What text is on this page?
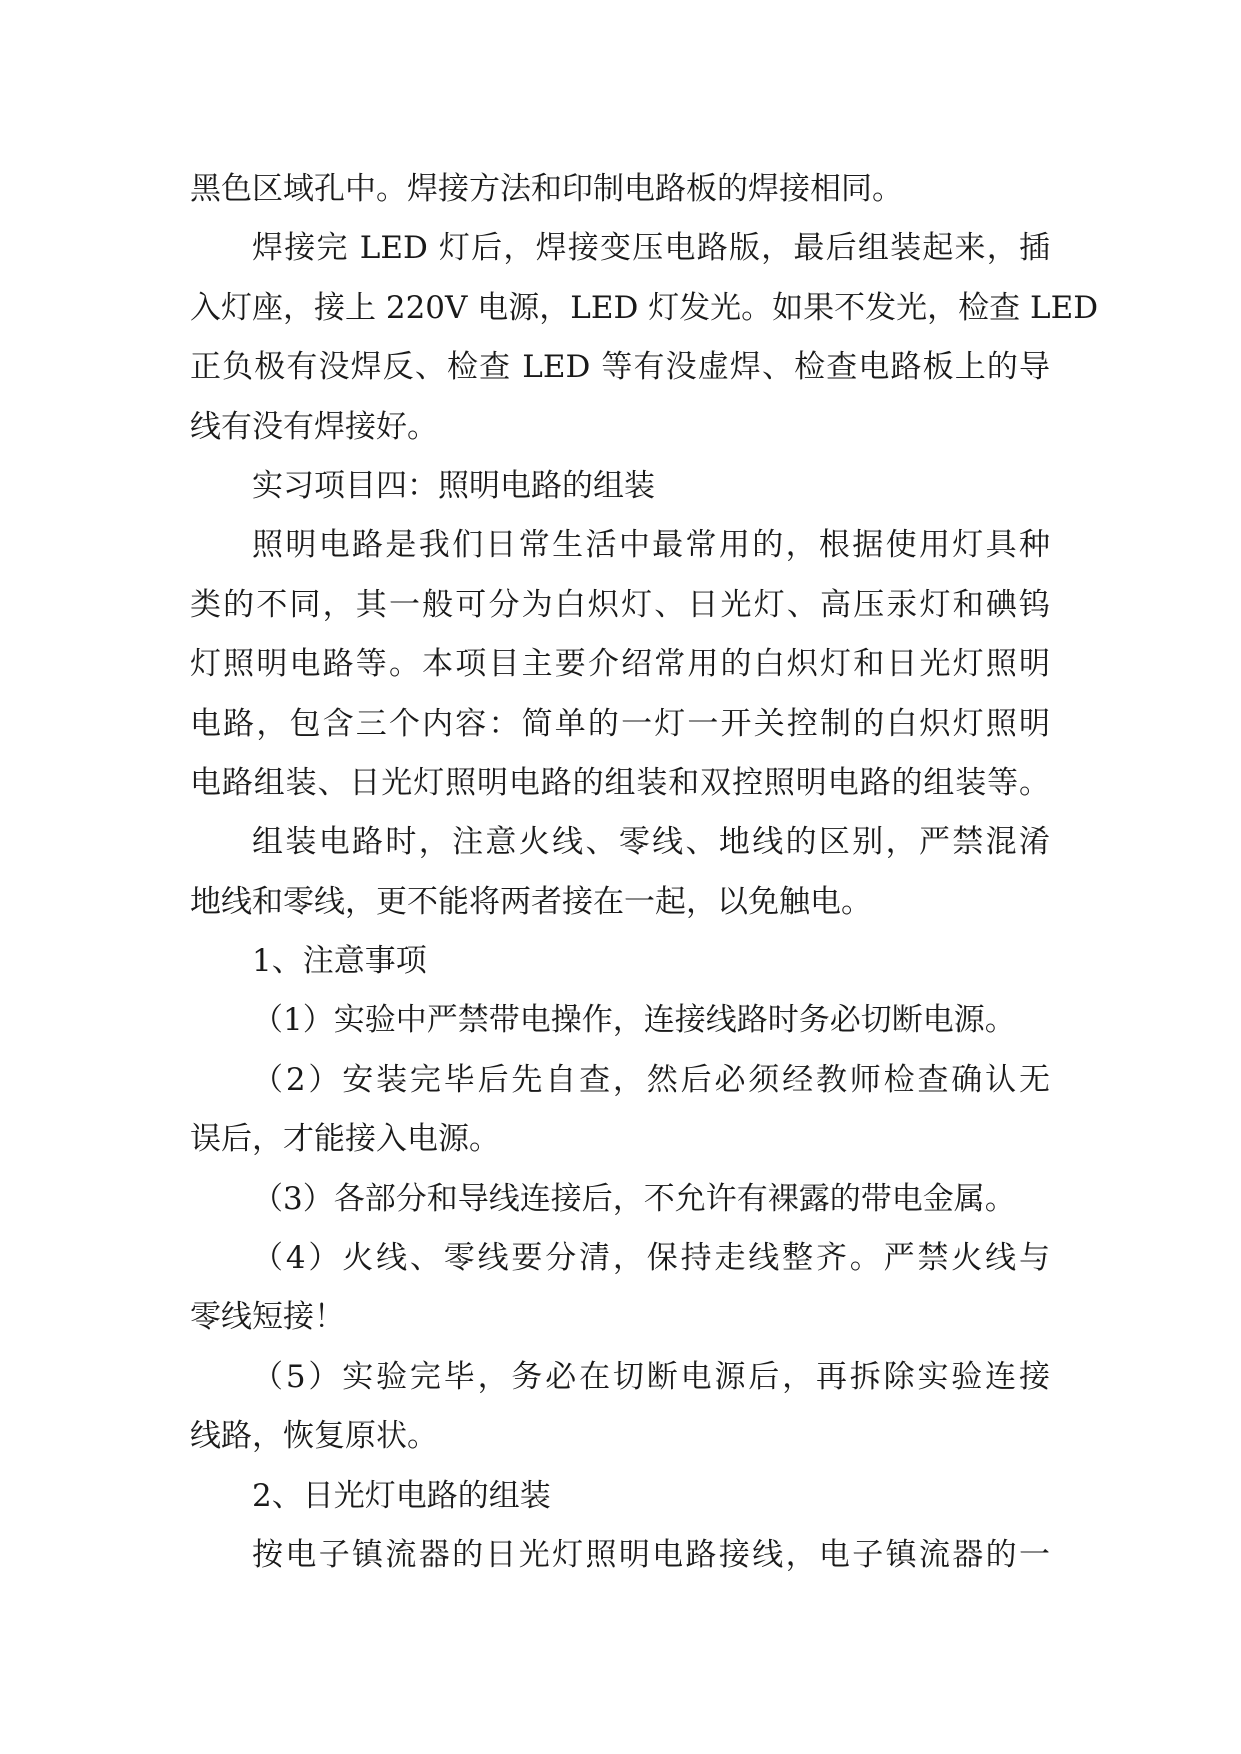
黑色区域孔中。焊接方法和印制电路板的焊接相同。
焊接完 LED 灯后，焊接变压电路版，最后组装起来，插
入灯座，接上 220V 电源，LED 灯发光。如果不发光，检查 LED
正负极有没焊反、检查 LED 等有没虚焊、检查电路板上的导
线有没有焊接好。
实习项目四：照明电路的组装
照明电路是我们日常生活中最常用的，根据使用灯具种
类的不同，其一般可分为白炽灯、日光灯、高压汞灯和碘钨
灯照明电路等。本项目主要介绍常用的白炽灯和日光灯照明
电路，包含三个内容：简单的一灯一开关控制的白炽灯照明
电路组装、日光灯照明电路的组装和双控照明电路的组装等。
组装电路时，注意火线、零线、地线的区别，严禁混淆
地线和零线，更不能将两者接在一起，以免触电。
1、注意事项
（1）实验中严禁带电操作，连接线路时务必切断电源。
（2）安装完毕后先自查，然后必须经教师检查确认无
误后，才能接入电源。
（3）各部分和导线连接后，不允许有裸露的带电金属。
（4）火线、零线要分清，保持走线整齐。严禁火线与
零线短接！
（5）实验完毕，务必在切断电源后，再拆除实验连接
线路，恢复原状。
2、日光灯电路的组装
按电子镇流器的日光灯照明电路接线，电子镇流器的一
